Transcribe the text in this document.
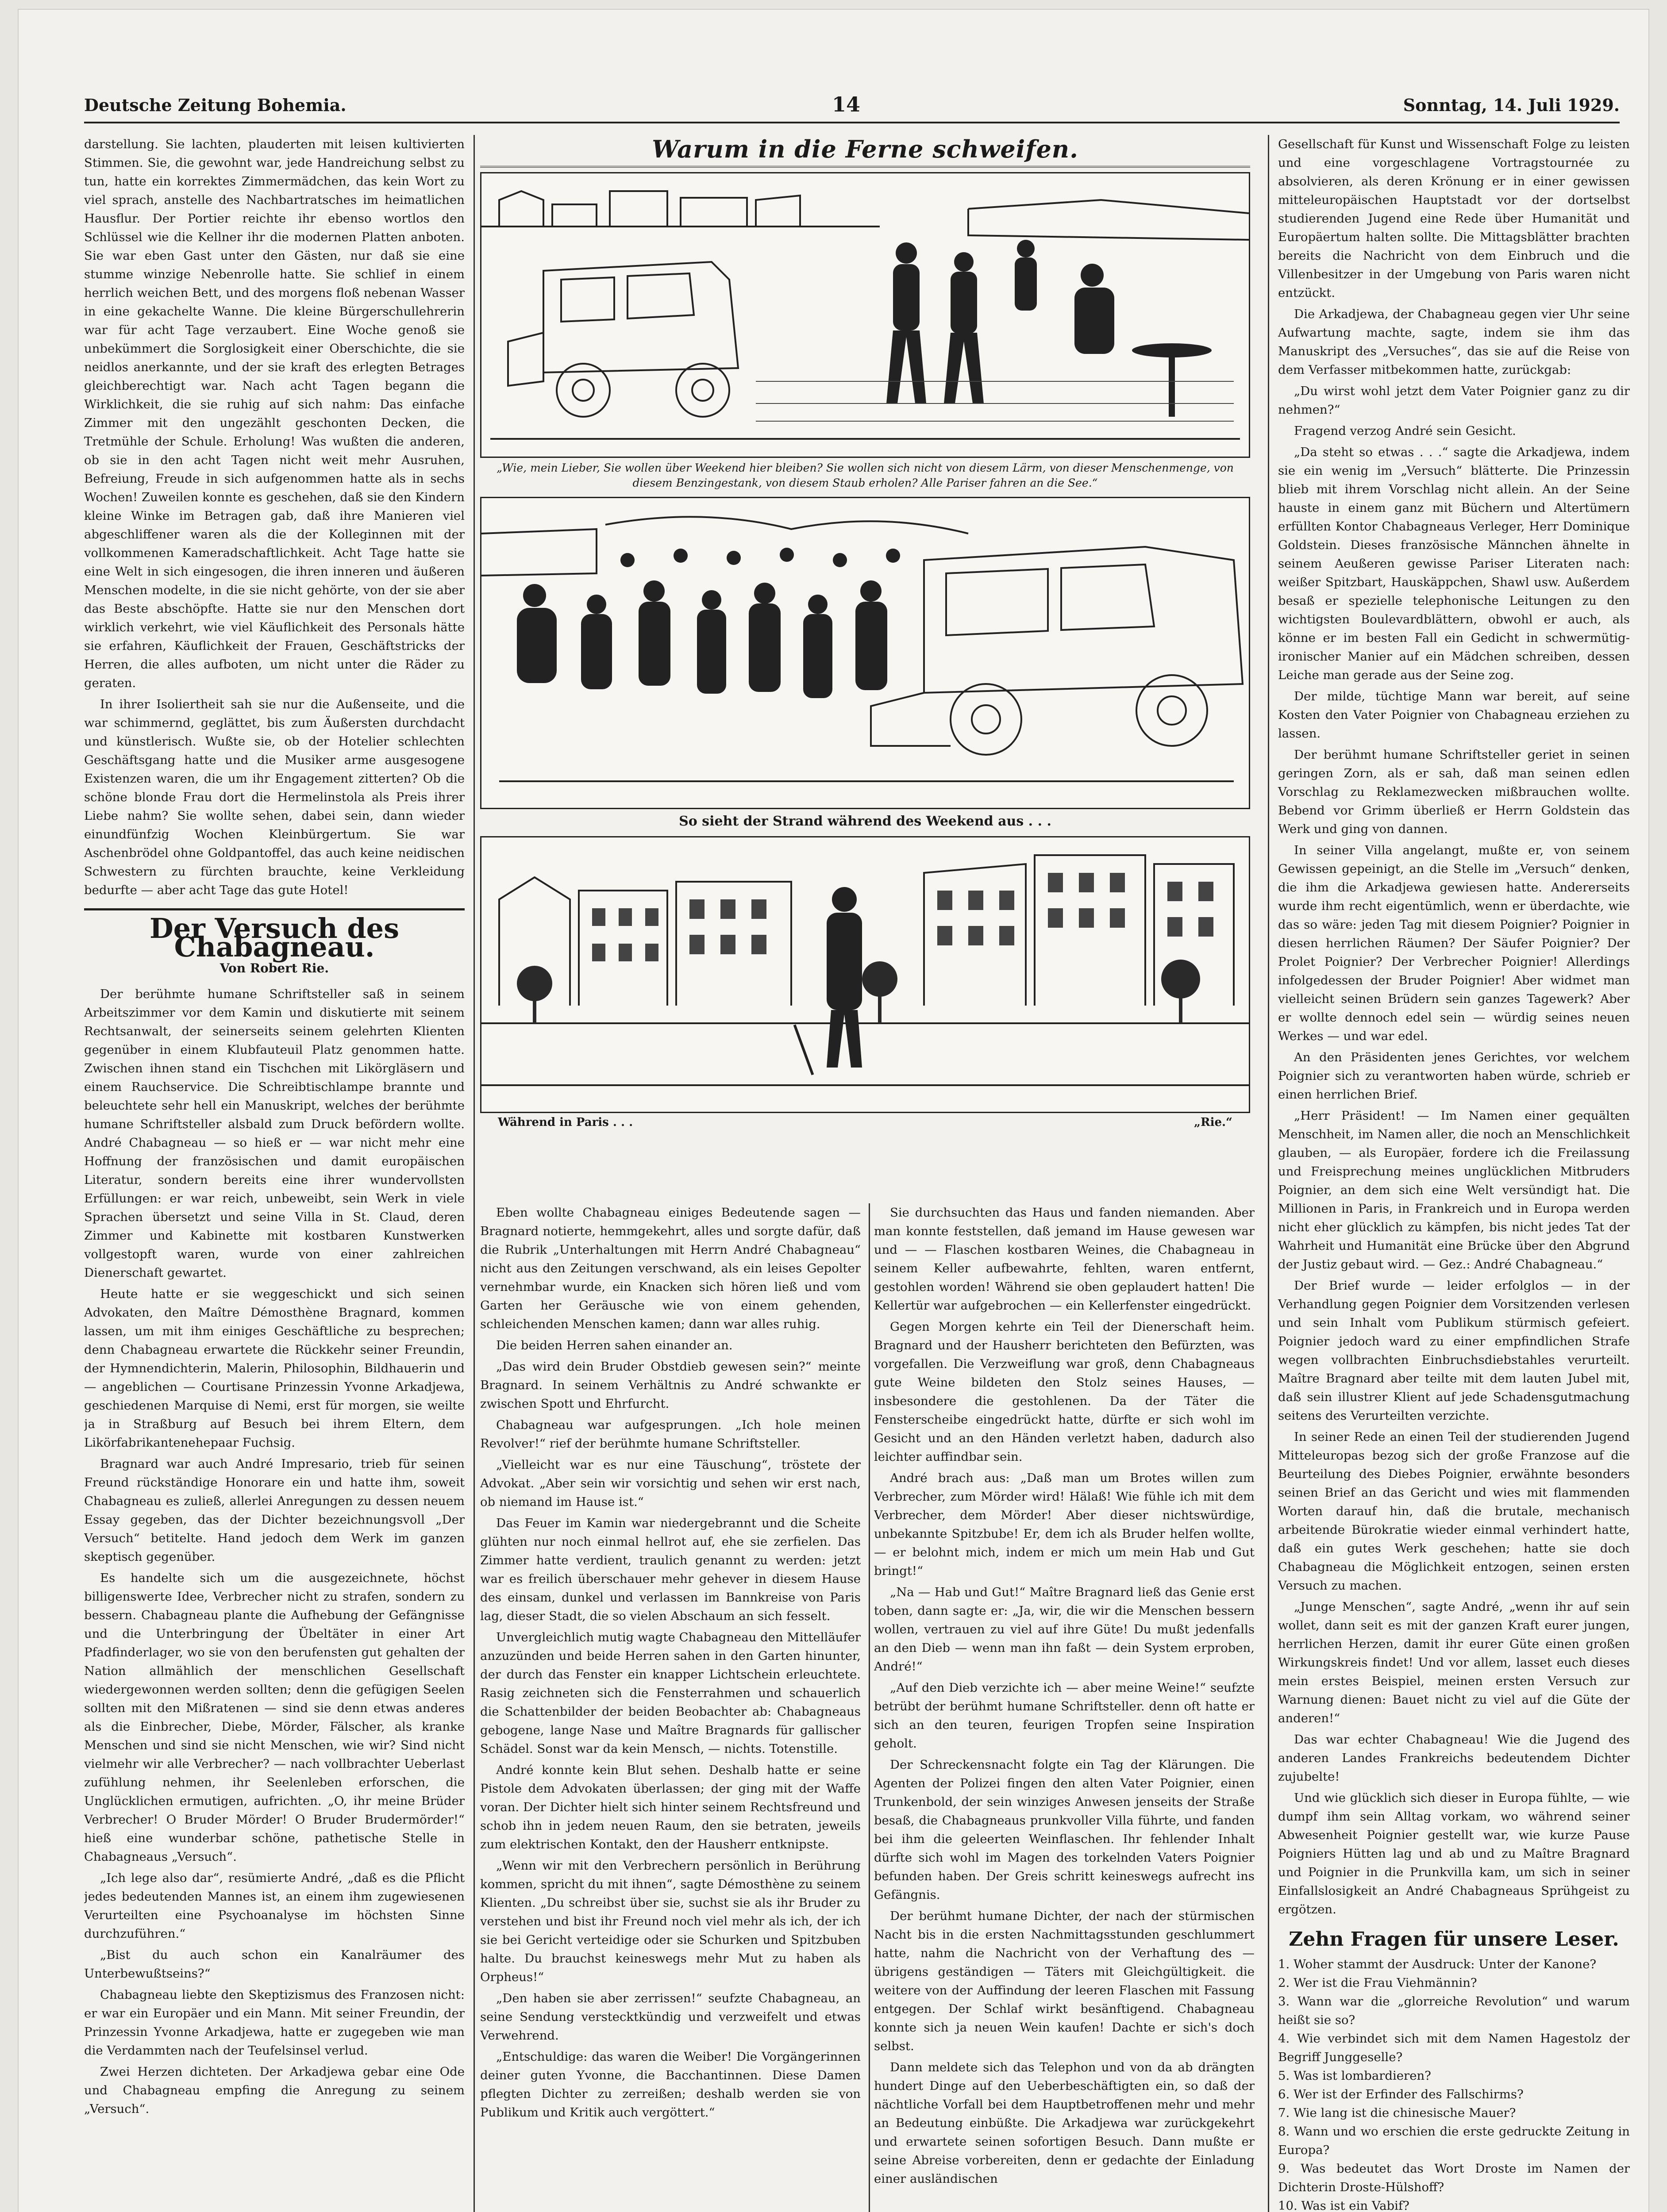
Deutsche Zeitung Bohemia.	14	Sonntag, 14. Juli 1929.

darstellung. Sie lachten, plauderten mit leisen kultivierten Stimmen. Sie, die gewohnt war, jede Handreichung selbst zu tun, hatte ein korrektes Zimmermädchen, das kein Wort zu viel sprach, anstelle des Nachbartratsches im heimatlichen Hausflur. Der Portier reichte ihr ebenso wortlos den Schlüssel wie die Kellner ihr die modernen Platten anboten. Sie war eben Gast unter den Gästen, nur daß sie eine stumme winzige Nebenrolle hatte. Sie schlief in einem herrlich weichen Bett, und des morgens floß nebenan Wasser in eine gekachelte Wanne. Die kleine Bürgerschullehrerin war für acht Tage verzaubert. Eine Woche genoß sie unbekümmert die Sorglosigkeit einer Oberschichte, die sie neidlos anerkannte, und der sie kraft des erlegten Betrages gleichberechtigt war. Nach acht Tagen begann die Wirklichkeit, die sie ruhig auf sich nahm: Das einfache Zimmer mit den ungezählt geschonten Decken, die Tretmühle der Schule. Erholung! Was wußten die anderen, ob sie in den acht Tagen nicht weit mehr Ausruhen, Befreiung, Freude in sich aufgenommen hatte als in sechs Wochen! Zuweilen konnte es geschehen, daß sie den Kindern kleine Winke im Betragen gab, daß ihre Manieren viel abgeschliffener waren als die der Kolleginnen mit der vollkommenen Kameradschaftlichkeit. Acht Tage hatte sie eine Welt in sich eingesogen, die ihren inneren und äußeren Menschen modelte, in die sie nicht gehörte, von der sie aber das Beste abschöpfte. Hatte sie nur den Menschen dort wirklich verkehrt, wie viel Käuflichkeit des Personals hätte sie erfahren, Käuflichkeit der Frauen, Geschäftstricks der Herren, die alles aufboten, um nicht unter die Räder zu geraten.

In ihrer Isoliertheit sah sie nur die Außenseite, und die war schimmernd, geglättet, bis zum Äußersten durchdacht und künstlerisch. Wußte sie, ob der Hotelier schlechten Geschäftsgang hatte und die Musiker arme ausgesogene Existenzen waren, die um ihr Engagement zitterten? Ob die schöne blonde Frau dort die Hermelinstola als Preis ihrer Liebe nahm? Sie wollte sehen, dabei sein, dann wieder einundfünfzig Wochen Kleinbürgertum. Sie war Aschenbrödel ohne Goldpantoffel, das auch keine neidischen Schwestern zu fürchten brauchte, keine Verkleidung bedurfte — aber acht Tage das gute Hotel!

Der Versuch des Chabagneau.
Von Robert Rie.

Der berühmte humane Schriftsteller saß in seinem Arbeitszimmer vor dem Kamin und diskutierte mit seinem Rechtsanwalt, der seinerseits seinem gelehrten Klienten gegenüber in einem Klubfauteuil Platz genommen hatte. Zwischen ihnen stand ein Tischchen mit Likörgläsern und einem Rauchservice. Die Schreibtischlampe brannte und beleuchtete sehr hell ein Manuskript, welches der berühmte humane Schriftsteller alsbald zum Druck befördern wollte. André Chabagneau — so hieß er — war nicht mehr eine Hoffnung der französischen und damit europäischen Literatur, sondern bereits eine ihrer wundervollsten Erfüllungen: er war reich, unbeweibt, sein Werk in viele Sprachen übersetzt und seine Villa in St. Claud, deren Zimmer und Kabinette mit kostbaren Kunstwerken vollgestopft waren, wurde von einer zahlreichen Dienerschaft gewartet.

Heute hatte er sie weggeschickt und sich seinen Advokaten, den Maître Démosthène Bragnard, kommen lassen, um mit ihm einiges Geschäftliche zu besprechen; denn Chabagneau erwartete die Rückkehr seiner Freundin, der Hymnendichterin, Malerin, Philosophin, Bildhauerin und — angeblichen — Courtisane Prinzessin Yvonne Arkadjewa, geschiedenen Marquise di Nemi, erst für morgen, sie weilte ja in Straßburg auf Besuch bei ihrem Eltern, dem Likörfabrikantenehepaar Fuchsig.

Bragnard war auch André Impresario, trieb für seinen Freund rückständige Honorare ein und hatte ihm, soweit Chabagneau es zuließ, allerlei Anregungen zu dessen neuem Essay gegeben, das der Dichter bezeichnungsvoll „Der Versuch“ betitelte. Hand jedoch dem Werk im ganzen skeptisch gegenüber.

Es handelte sich um die ausgezeichnete, höchst billigenswerte Idee, Verbrecher nicht zu strafen, sondern zu bessern. Chabagneau plante die Aufhebung der Gefängnisse und die Unterbringung der Übeltäter in einer Art Pfadfinderlager, wo sie von den berufensten gut gehalten der Nation allmählich der menschlichen Gesellschaft wiedergewonnen werden sollten; denn die gefügigen Seelen sollten mit den Mißratenen — sind sie denn etwas anderes als die Einbrecher, Diebe, Mörder, Fälscher, als kranke Menschen und sind sie nicht Menschen, wie wir? Sind nicht vielmehr wir alle Verbrecher? — nach vollbrachter Ueberlast zufühlung nehmen, ihr Seelenleben erforschen, die Unglücklichen ermutigen, aufrichten. „O, ihr meine Brüder Verbrecher! O Bruder Mörder! O Bruder Brudermörder!“ hieß eine wunderbar schöne, pathetische Stelle in Chabagneaus „Versuch“.

„Ich lege also dar“, resümierte André, „daß es die Pflicht jedes bedeutenden Mannes ist, an einem ihm zugewiesenen Verurteilten eine Psychoanalyse im höchsten Sinne durchzuführen.“

„Bist du auch schon ein Kanalräumer des Unterbewußtseins?“

Chabagneau liebte den Skeptizismus des Franzosen nicht: er war ein Europäer und ein Mann. Mit seiner Freundin, der Prinzessin Yvonne Arkadjewa, hatte er zugegeben wie man die Verdammten nach der Teufelsinsel verlud.

Zwei Herzen dichteten. Der Arkadjewa gebar eine Ode und Chabagneau empfing die Anregung zu seinem „Versuch“.

Warum in die Ferne schweifen.
„Wie, mein Lieber, Sie wollen über Weekend hier bleiben? Sie wollen sich nicht von diesem Lärm, von dieser Menschenmenge, von diesem Benzingestank, von diesem Staub erholen? Alle Pariser fahren an die See.“
So sieht der Strand während des Weekend aus . . .
Während in Paris . . .	„Rie.“

Eben wollte Chabagneau einiges Bedeutende sagen — Bragnard notierte, hemmgekehrt, alles und sorgte dafür, daß die Rubrik „Unterhaltungen mit Herrn André Chabagneau“ nicht aus den Zeitungen verschwand, als ein leises Gepolter vernehmbar wurde, ein Knacken sich hören ließ und vom Garten her Geräusche wie von einem gehenden, schleichenden Menschen kamen; dann war alles ruhig.

Die beiden Herren sahen einander an.

„Das wird dein Bruder Obstdieb gewesen sein?“ meinte Bragnard. In seinem Verhältnis zu André schwankte er zwischen Spott und Ehrfurcht.

Chabagneau war aufgesprungen. „Ich hole meinen Revolver!“ rief der berühmte humane Schriftsteller.

„Vielleicht war es nur eine Täuschung“, tröstete der Advokat. „Aber sein wir vorsichtig und sehen wir erst nach, ob niemand im Hause ist.“

Das Feuer im Kamin war niedergebrannt und die Scheite glühten nur noch einmal hellrot auf, ehe sie zerfielen. Das Zimmer hatte verdient, traulich genannt zu werden: jetzt war es freilich überschauer mehr gehever in diesem Hause des einsam, dunkel und verlassen im Bannkreise von Paris lag, dieser Stadt, die so vielen Abschaum an sich fesselt.

Unvergleichlich mutig wagte Chabagneau den Mittelläufer anzuzünden und beide Herren sahen in den Garten hinunter, der durch das Fenster ein knapper Lichtschein erleuchtete. Rasig zeichneten sich die Fensterrahmen und schauerlich die Schattenbilder der beiden Beobachter ab: Chabagneaus gebogene, lange Nase und Maître Bragnards für gallischer Schädel. Sonst war da kein Mensch, — nichts. Totenstille.

André konnte kein Blut sehen. Deshalb hatte er seine Pistole dem Advokaten überlassen; der ging mit der Waffe voran. Der Dichter hielt sich hinter seinem Rechtsfreund und schob ihn in jedem neuen Raum, den sie betraten, jeweils zum elektrischen Kontakt, den der Hausherr entknipste.

„Wenn wir mit den Verbrechern persönlich in Berührung kommen, spricht du mit ihnen“, sagte Démosthène zu seinem Klienten. „Du schreibst über sie, suchst sie als ihr Bruder zu verstehen und bist ihr Freund noch viel mehr als ich, der ich sie bei Gericht verteidige oder sie Schurken und Spitzbuben halte. Du brauchst keineswegs mehr Mut zu haben als Orpheus!“

„Den haben sie aber zerrissen!“ seufzte Chabagneau, an seine Sendung verstecktkündig und verzweifelt und etwas Verwehrend.

„Entschuldige: das waren die Weiber! Die Vorgängerinnen deiner guten Yvonne, die Bacchantinnen. Diese Damen pflegten Dichter zu zerreißen; deshalb werden sie von Publikum und Kritik auch vergöttert.“

Sie durchsuchten das Haus und fanden niemanden. Aber man konnte feststellen, daß jemand im Hause gewesen war und — — Flaschen kostbaren Weines, die Chabagneau in seinem Keller aufbewahrte, fehlten, waren entfernt, gestohlen worden! Während sie oben geplaudert hatten! Die Kellertür war aufgebrochen — ein Kellerfenster eingedrückt.

Gegen Morgen kehrte ein Teil der Dienerschaft heim. Bragnard und der Hausherr berichteten den Befürzten, was vorgefallen. Die Verzweiflung war groß, denn Chabagneaus gute Weine bildeten den Stolz seines Hauses, — insbesondere die gestohlenen. Da der Täter die Fensterscheibe eingedrückt hatte, dürfte er sich wohl im Gesicht und an den Händen verletzt haben, dadurch also leichter auffindbar sein.

André brach aus: „Daß man um Brotes willen zum Verbrecher, zum Mörder wird! Hälaß! Wie fühle ich mit dem Verbrecher, dem Mörder! Aber dieser nichtswürdige, unbekannte Spitzbube! Er, dem ich als Bruder helfen wollte, — er belohnt mich, indem er mich um mein Hab und Gut bringt!“

„Na — Hab und Gut!“ Maître Bragnard ließ das Genie erst toben, dann sagte er: „Ja, wir, die wir die Menschen bessern wollen, vertrauen zu viel auf ihre Güte! Du mußt jedenfalls an den Dieb — wenn man ihn faßt — dein System erproben, André!“

„Auf den Dieb verzichte ich — aber meine Weine!“ seufzte betrübt der berühmt humane Schriftsteller. denn oft hatte er sich an den teuren, feurigen Tropfen seine Inspiration geholt.

Der Schreckensnacht folgte ein Tag der Klärungen. Die Agenten der Polizei fingen den alten Vater Poignier, einen Trunkenbold, der sein winziges Anwesen jenseits der Straße besaß, die Chabagneaus prunkvoller Villa führte, und fanden bei ihm die geleerten Weinflaschen. Ihr fehlender Inhalt dürfte sich wohl im Magen des torkelnden Vaters Poignier befunden haben. Der Greis schritt keineswegs aufrecht ins Gefängnis.

Der berühmt humane Dichter, der nach der stürmischen Nacht bis in die ersten Nachmittagsstunden geschlummert hatte, nahm die Nachricht von der Verhaftung des — übrigens geständigen — Täters mit Gleichgültigkeit. die weitere von der Auffindung der leeren Flaschen mit Fassung entgegen. Der Schlaf wirkt besänftigend. Chabagneau konnte sich ja neuen Wein kaufen! Dachte er sich's doch selbst.

Dann meldete sich das Telephon und von da ab drängten hundert Dinge auf den Ueberbeschäftigten ein, so daß der nächtliche Vorfall bei dem Hauptbetroffenen mehr und mehr an Bedeutung einbüßte. Die Arkadjewa war zurückgekehrt und erwartete seinen sofortigen Besuch. Dann mußte er seine Abreise vorbereiten, denn er gedachte der Einladung einer ausländischen

Gesellschaft für Kunst und Wissenschaft Folge zu leisten und eine vorgeschlagene Vortragstournée zu absolvieren, als deren Krönung er in einer gewissen mitteleuropäischen Hauptstadt vor der dortselbst studierenden Jugend eine Rede über Humanität und Europäertum halten sollte. Die Mittagsblätter brachten bereits die Nachricht von dem Einbruch und die Villenbesitzer in der Umgebung von Paris waren nicht entzückt.

Die Arkadjewa, der Chabagneau gegen vier Uhr seine Aufwartung machte, sagte, indem sie ihm das Manuskript des „Versuches“, das sie auf die Reise von dem Verfasser mitbekommen hatte, zurückgab:

„Du wirst wohl jetzt dem Vater Poignier ganz zu dir nehmen?“

Fragend verzog André sein Gesicht.

„Da steht so etwas . . .“ sagte die Arkadjewa, indem sie ein wenig im „Versuch“ blätterte. Die Prinzessin blieb mit ihrem Vorschlag nicht allein. An der Seine hauste in einem ganz mit Büchern und Altertümern erfüllten Kontor Chabagneaus Verleger, Herr Dominique Goldstein. Dieses französische Männchen ähnelte in seinem Aeußeren gewisse Pariser Literaten nach: weißer Spitzbart, Hauskäppchen, Shawl usw. Außerdem besaß er spezielle telephonische Leitungen zu den wichtigsten Boulevardblättern, obwohl er auch, als könne er im besten Fall ein Gedicht in schwermütig-ironischer Manier auf ein Mädchen schreiben, dessen Leiche man gerade aus der Seine zog.

Der milde, tüchtige Mann war bereit, auf seine Kosten den Vater Poignier von Chabagneau erziehen zu lassen.

Der berühmt humane Schriftsteller geriet in seinen geringen Zorn, als er sah, daß man seinen edlen Vorschlag zu Reklamezwecken mißbrauchen wollte. Bebend vor Grimm überließ er Herrn Goldstein das Werk und ging von dannen.

In seiner Villa angelangt, mußte er, von seinem Gewissen gepeinigt, an die Stelle im „Versuch“ denken, die ihm die Arkadjewa gewiesen hatte. Andererseits wurde ihm recht eigentümlich, wenn er überdachte, wie das so wäre: jeden Tag mit diesem Poignier? Poignier in diesen herrlichen Räumen? Der Säufer Poignier? Der Prolet Poignier? Der Verbrecher Poignier! Allerdings infolgedessen der Bruder Poignier! Aber widmet man vielleicht seinen Brüdern sein ganzes Tagewerk? Aber er wollte dennoch edel sein — würdig seines neuen Werkes — und war edel.

An den Präsidenten jenes Gerichtes, vor welchem Poignier sich zu verantworten haben würde, schrieb er einen herrlichen Brief.

„Herr Präsident! — Im Namen einer gequälten Menschheit, im Namen aller, die noch an Menschlichkeit glauben, — als Europäer, fordere ich die Freilassung und Freisprechung meines unglücklichen Mitbruders Poignier, an dem sich eine Welt versündigt hat. Die Millionen in Paris, in Frankreich und in Europa werden nicht eher glücklich zu kämpfen, bis nicht jedes Tat der Wahrheit und Humanität eine Brücke über den Abgrund der Justiz gebaut wird. — Gez.: André Chabagneau.“

Der Brief wurde — leider erfolglos — in der Verhandlung gegen Poignier dem Vorsitzenden verlesen und sein Inhalt vom Publikum stürmisch gefeiert. Poignier jedoch ward zu einer empfindlichen Strafe wegen vollbrachten Einbruchsdiebstahles verurteilt. Maître Bragnard aber teilte mit dem lauten Jubel mit, daß sein illustrer Klient auf jede Schadensgutmachung seitens des Verurteilten verzichte.

In seiner Rede an einen Teil der studierenden Jugend Mitteleuropas bezog sich der große Franzose auf die Beurteilung des Diebes Poignier, erwähnte besonders seinen Brief an das Gericht und wies mit flammenden Worten darauf hin, daß die brutale, mechanisch arbeitende Bürokratie wieder einmal verhindert hatte, daß ein gutes Werk geschehen; hatte sie doch Chabagneau die Möglichkeit entzogen, seinen ersten Versuch zu machen.

„Junge Menschen“, sagte André, „wenn ihr auf sein wollet, dann seit es mit der ganzen Kraft eurer jungen, herrlichen Herzen, damit ihr eurer Güte einen großen Wirkungskreis findet! Und vor allem, lasset euch dieses mein erstes Beispiel, meinen ersten Versuch zur Warnung dienen: Bauet nicht zu viel auf die Güte der anderen!“

Das war echter Chabagneau! Wie die Jugend des anderen Landes Frankreichs bedeutendem Dichter zujubelte!

Und wie glücklich sich dieser in Europa fühlte, — wie dumpf ihm sein Alltag vorkam, wo während seiner Abwesenheit Poignier gestellt war, wie kurze Pause Poigniers Hütten lag und ab und zu Maître Bragnard und Poignier in die Prunkvilla kam, um sich in seiner Einfallslosigkeit an André Chabagneaus Sprühgeist zu ergötzen.

Zehn Fragen für unsere Leser.
1. Woher stammt der Ausdruck: Unter der Kanone?
2. Wer ist die Frau Viehmännin?
3. Wann war die „glorreiche Revolution“ und warum heißt sie so?
4. Wie verbindet sich mit dem Namen Hagestolz der Begriff Junggeselle?
5. Was ist lombardieren?
6. Wer ist der Erfinder des Fallschirms?
7. Wie lang ist die chinesische Mauer?
8. Wann und wo erschien die erste gedruckte Zeitung in Europa?
9. Was bedeutet das Wort Droste im Namen der Dichterin Droste-Hülshoff?
10. Was ist ein Vabif?
